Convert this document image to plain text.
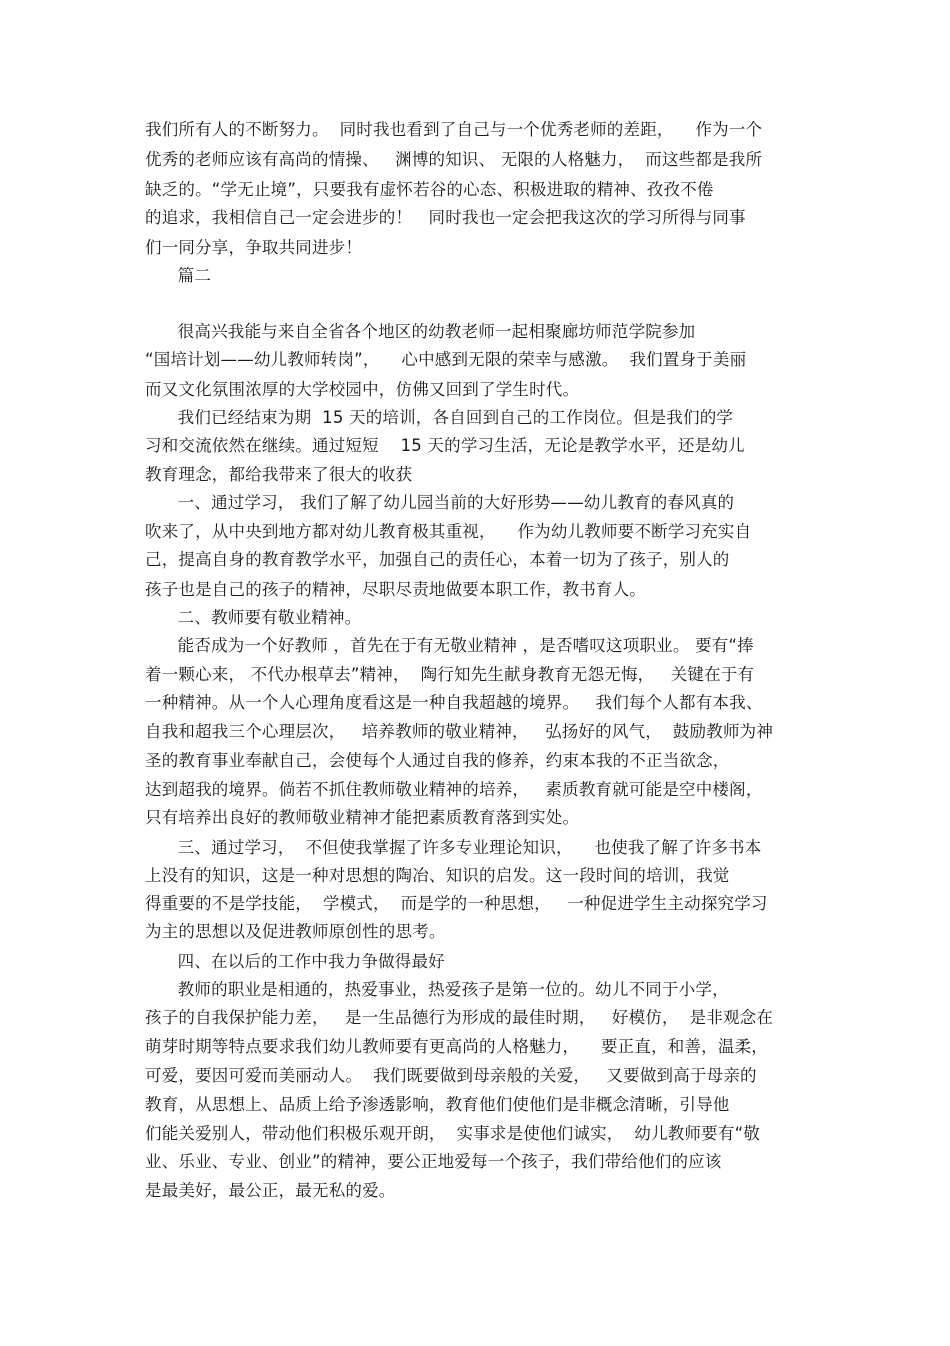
我们所有人的不断努力。  同时我也看到了自己与一个优秀老师的差距，    作为一个
优秀的老师应该有高尚的情操、   渊博的知识、 无限的人格魅力，  而这些都是我所
缺乏的。“学无止境”，只要我有虚怀若谷的心态、积极进取的精神、孜孜不倦
的追求，我相信自己一定会进步的！   同时我也一定会把我这次的学习所得与同事
们一同分享，争取共同进步！
篇二
很高兴我能与来自全省各个地区的幼教老师一起相聚廊坊师范学院参加
“国培计划——幼儿教师转岗”，    心中感到无限的荣幸与感激。  我们置身于美丽
而又文化氛围浓厚的大学校园中，仿佛又回到了学生时代。
我们已经结束为期  15 天的培训，各自回到自己的工作岗位。但是我们的学
习和交流依然在继续。通过短短    15 天的学习生活，无论是教学水平，还是幼儿
教育理念，都给我带来了很大的收获
一、通过学习， 我们了解了幼儿园当前的大好形势——幼儿教育的春风真的
吹来了，从中央到地方都对幼儿教育极其重视，    作为幼儿教师要不断学习充实自
己，提高自身的教育教学水平，加强自己的责任心，本着一切为了孩子，别人的
孩子也是自己的孩子的精神，尽职尽责地做要本职工作，教书育人。
二、教师要有敬业精神。
能否成为一个好教师 ，首先在于有无敬业精神 ，是否嗜叹这项职业。 要有“捧
着一颗心来， 不代办根草去”精神，  陶行知先生献身教育无怨无悔，   关键在于有
一种精神。从一个人心理角度看这是一种自我超越的境界。   我们每个人都有本我、
自我和超我三个心理层次，   培养教师的敬业精神，   弘扬好的风气，  鼓励教师为神
圣的教育事业奉献自己，会使每个人通过自我的修养，约束本我的不正当欲念，
达到超我的境界。倘若不抓住教师敬业精神的培养，   素质教育就可能是空中楼阁，
只有培养出良好的教师敬业精神才能把素质教育落到实处。
三、通过学习，  不但使我掌握了许多专业理论知识，    也使我了解了许多书本
上没有的知识，这是一种对思想的陶冶、知识的启发。这一段时间的培训，我觉
得重要的不是学技能，  学模式，  而是学的一种思想，   一种促进学生主动探究学习
为主的思想以及促进教师原创性的思考。
四、在以后的工作中我力争做得最好
教师的职业是相通的，热爱事业，热爱孩子是第一位的。幼儿不同于小学，
孩子的自我保护能力差，   是一生品德行为形成的最佳时期，   好模仿，  是非观念在
萌芽时期等特点要求我们幼儿教师要有更高尚的人格魅力，    要正直，和善，温柔，
可爱，要因可爱而美丽动人。  我们既要做到母亲般的关爱，   又要做到高于母亲的
教育，从思想上、品质上给予渗透影响，教育他们使他们是非概念清晰，引导他
们能关爱别人，带动他们积极乐观开朗，  实事求是使他们诚实，  幼儿教师要有“敬
业、乐业、专业、创业”的精神，要公正地爱每一个孩子，我们带给他们的应该
是最美好，最公正，最无私的爱。
